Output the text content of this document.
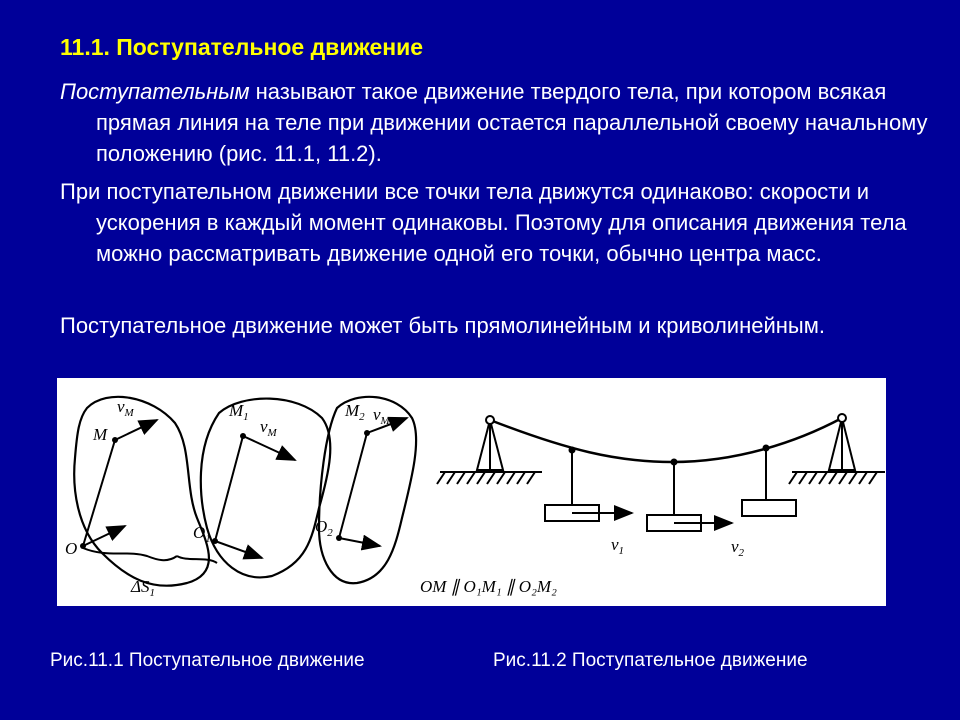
11.1. Поступательное движение
Поступательным называют такое движение твердого тела, при котором всякая прямая линия на теле при движении остается параллельной своему начальному положению (рис. 11.1, 11.2).
При поступательном движении все точки тела движутся одинаково: скорости и ускорения в каждый момент одинаковы. Поэтому для описания движения тела можно рассматривать движение одной его точки, обычно центра масс.
Поступательное движение может быть прямолинейным и криволинейным.
M
$v_M$	$M_1$ $v_M$
$M_2$ $v_M$
O
$O_1$
$O_2$
$\Delta S_1$
$v_1$	$v_2$
OM ∥ O₁M₁ ∥ O₂M₂
Рис.11.1 Поступательное движение	Рис.11.2 Поступательное движение
